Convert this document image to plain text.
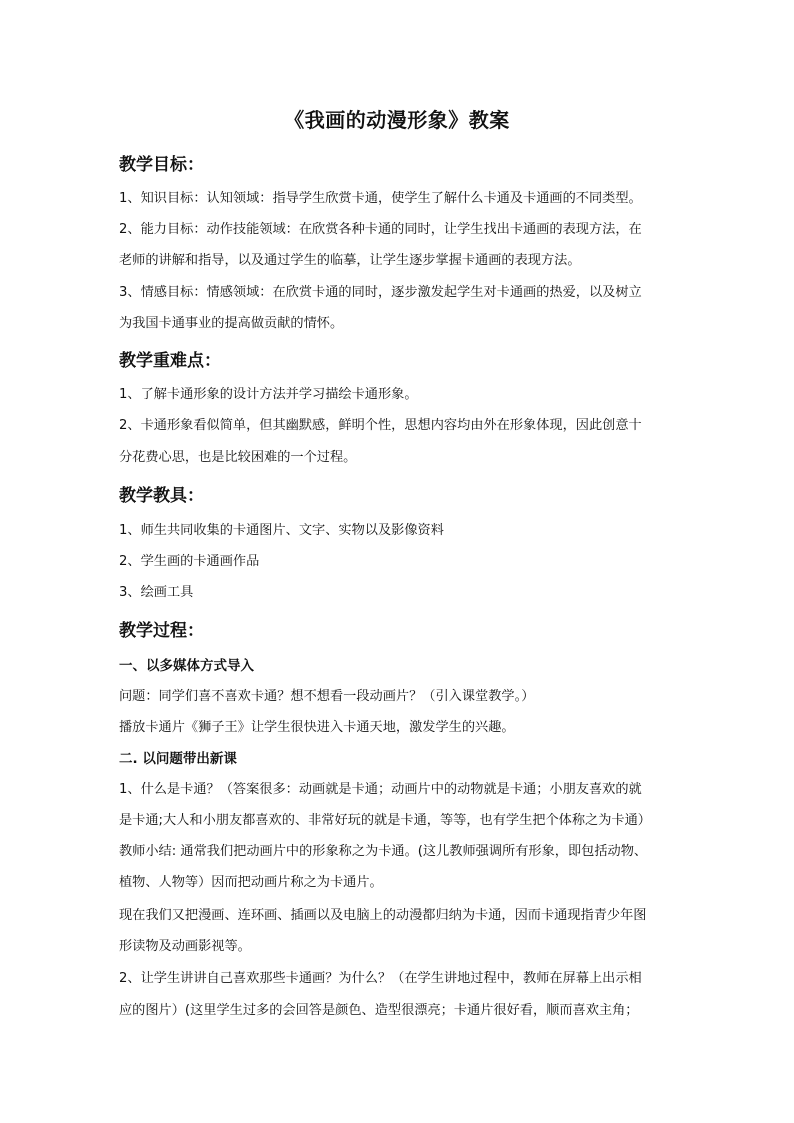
《我画的动漫形象》教案
教学目标：
1、知识目标：认知领域：指导学生欣赏卡通，使学生了解什么卡通及卡通画的不同类型。
2、能力目标：动作技能领域：在欣赏各种卡通的同时，让学生找出卡通画的表现方法，在
老师的讲解和指导，以及通过学生的临摹，让学生逐步掌握卡通画的表现方法。
3、情感目标：情感领域：在欣赏卡通的同时，逐步激发起学生对卡通画的热爱，以及树立
为我国卡通事业的提高做贡献的情怀。
教学重难点：
1、了解卡通形象的设计方法并学习描绘卡通形象。
2、卡通形象看似简单，但其幽默感，鲜明个性，思想内容均由外在形象体现，因此创意十
分花费心思，也是比较困难的一个过程。
教学教具：
1、师生共同收集的卡通图片、文字、实物以及影像资料
2、学生画的卡通画作品
3、绘画工具
教学过程：
一、以多媒体方式导入
问题：同学们喜不喜欢卡通？想不想看一段动画片？（引入课堂教学。）
播放卡通片《狮子王》让学生很快进入卡通天地，激发学生的兴趣。
二. 以问题带出新课
1、什么是卡通？（答案很多：动画就是卡通；动画片中的动物就是卡通；小朋友喜欢的就
是卡通;大人和小朋友都喜欢的、非常好玩的就是卡通，等等，也有学生把个体称之为卡通）
教师小结: 通常我们把动画片中的形象称之为卡通。(这儿教师强调所有形象，即包括动物、
植物、人物等）因而把动画片称之为卡通片。
现在我们又把漫画、连环画、插画以及电脑上的动漫都归纳为卡通，因而卡通现指青少年图
形读物及动画影视等。
2、让学生讲讲自己喜欢那些卡通画？为什么？（在学生讲地过程中，教师在屏幕上出示相
应的图片）(这里学生过多的会回答是颜色、造型很漂亮；卡通片很好看，顺而喜欢主角；
